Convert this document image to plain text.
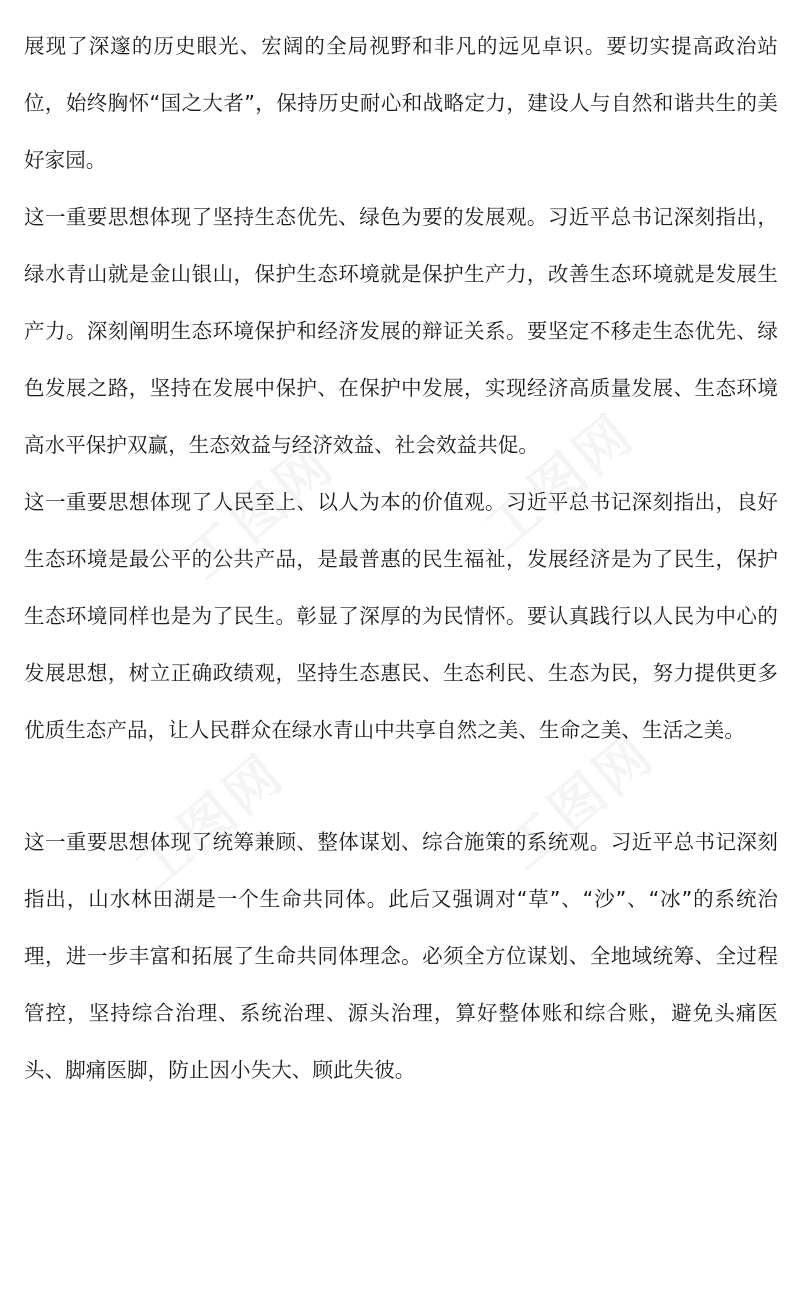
展现了深邃的历史眼光、宏阔的全局视野和非凡的远见卓识。要切实提高政治站位，始终胸怀“国之大者”，保持历史耐心和战略定力，建设人与自然和谐共生的美好家园。

这一重要思想体现了坚持生态优先、绿色为要的发展观。习近平总书记深刻指出，绿水青山就是金山银山，保护生态环境就是保护生产力，改善生态环境就是发展生产力。深刻阐明生态环境保护和经济发展的辩证关系。要坚定不移走生态优先、绿色发展之路，坚持在发展中保护、在保护中发展，实现经济高质量发展、生态环境高水平保护双赢，生态效益与经济效益、社会效益共促。

这一重要思想体现了人民至上、以人为本的价值观。习近平总书记深刻指出，良好生态环境是最公平的公共产品，是最普惠的民生福祉，发展经济是为了民生，保护生态环境同样也是为了民生。彰显了深厚的为民情怀。要认真践行以人民为中心的发展思想，树立正确政绩观，坚持生态惠民、生态利民、生态为民，努力提供更多优质生态产品，让人民群众在绿水青山中共享自然之美、生命之美、生活之美。

这一重要思想体现了统筹兼顾、整体谋划、综合施策的系统观。习近平总书记深刻指出，山水林田湖是一个生命共同体。此后又强调对“草”、“沙”、“冰”的系统治理，进一步丰富和拓展了生命共同体理念。必须全方位谋划、全地域统筹、全过程管控，坚持综合治理、系统治理、源头治理，算好整体账和综合账，避免头痛医头、脚痛医脚，防止因小失大、顾此失彼。
